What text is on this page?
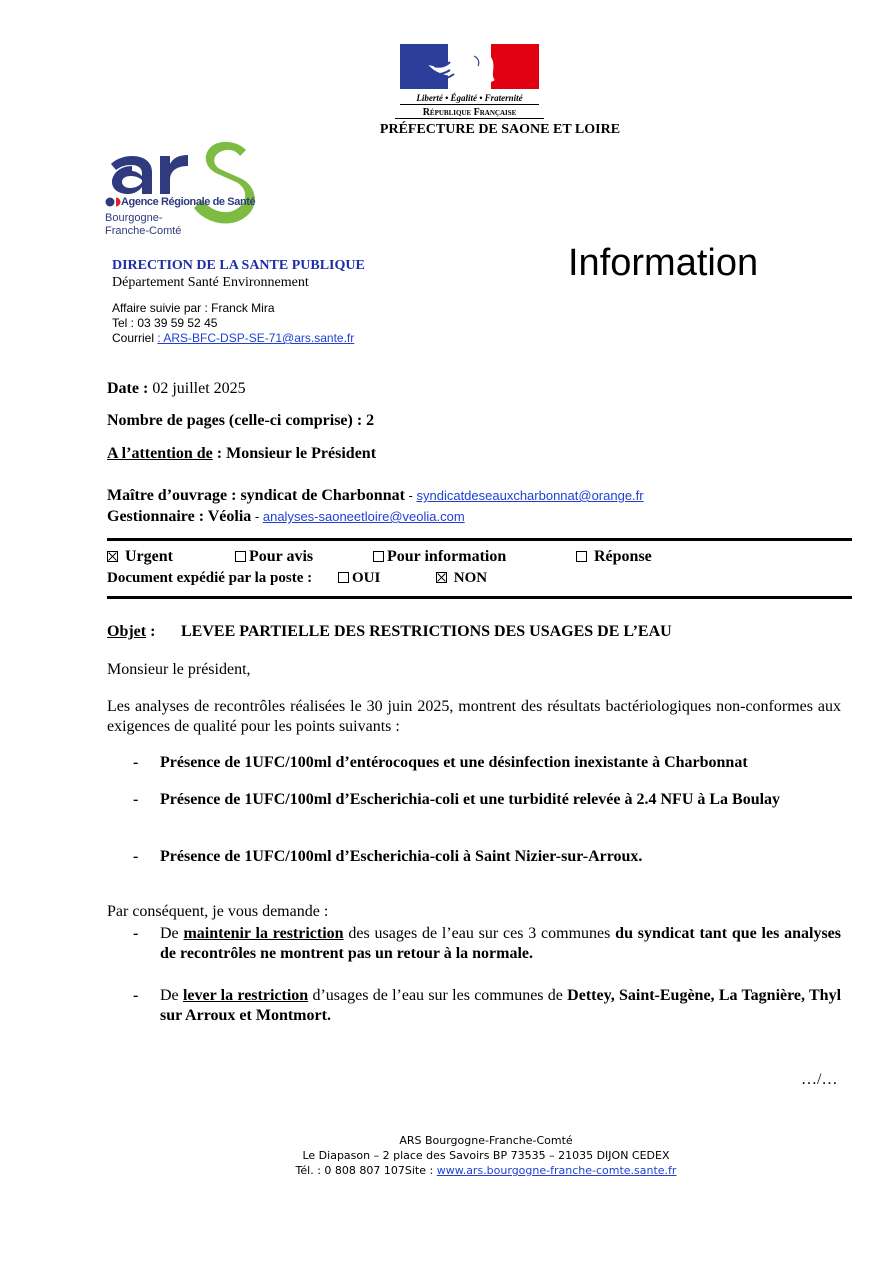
Liberté • Égalité • Fraternité
République Française
PRÉFECTURE DE SAONE ET LOIRE
Agence Régionale de Santé
Bourgogne-
Franche-Comté
Information
DIRECTION DE LA SANTE PUBLIQUE
Département Santé Environnement
Affaire suivie par : Franck Mira
Tel : 03 39 59 52 45
Courriel : ARS-BFC-DSP-SE-71@ars.sante.fr
Date : 02 juillet 2025
Nombre de pages (celle-ci comprise) : 2
A l’attention de : Monsieur le Président
Maître d’ouvrage : syndicat de Charbonnat - syndicatdeseauxcharbonnat@orange.fr
Gestionnaire : Véolia - analyses-saoneetloire@veolia.com
Urgent	Pour avis	Pour information	Réponse
Document expédié par la poste :	OUI	NON
Objet : LEVEE PARTIELLE DES RESTRICTIONS DES USAGES DE L’EAU
Monsieur le président,
Les analyses de recontrôles réalisées le 30 juin 2025, montrent des résultats bactériologiques non-conformes aux exigences de qualité pour les points suivants :
- Présence de 1UFC/100ml d’entérocoques et une désinfection inexistante à Charbonnat
- Présence de 1UFC/100ml d’Escherichia-coli et une turbidité relevée à 2.4 NFU à La Boulay
- Présence de 1UFC/100ml d’Escherichia-coli à Saint Nizier-sur-Arroux.
Par conséquent, je vous demande :
- De maintenir la restriction des usages de l’eau sur ces 3 communes du syndicat tant que les analyses de recontrôles ne montrent pas un retour à la normale.
- De lever la restriction d’usages de l’eau sur les communes de Dettey, Saint-Eugène, La Tagnière, Thyl sur Arroux et Montmort.
…/…
ARS Bourgogne-Franche-Comté
Le Diapason – 2 place des Savoirs BP 73535 – 21035 DIJON CEDEX
Tél. : 0 808 807 107Site : www.ars.bourgogne-franche-comte.sante.fr
